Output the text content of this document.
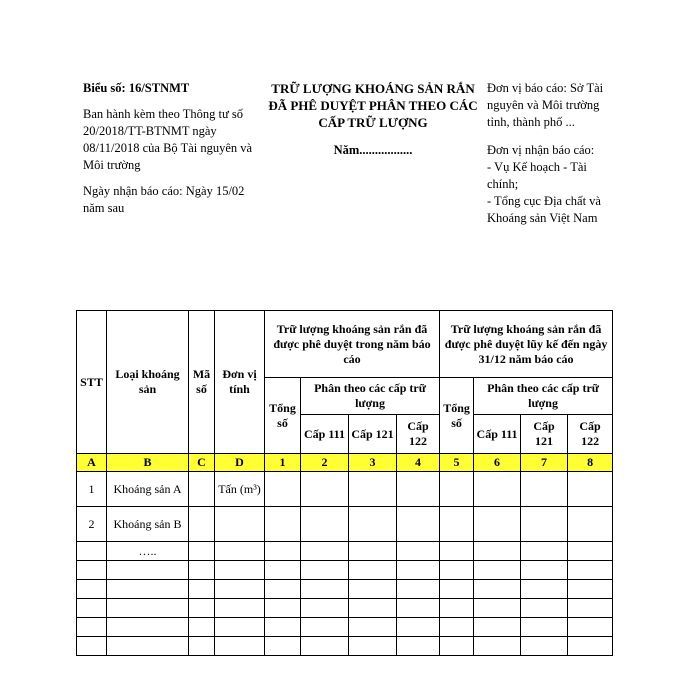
Biểu số: 16/STNMT
Ban hành kèm theo Thông tư số 20/2018/TT-BTNMT ngày 08/11/2018 của Bộ Tài nguyên và Môi trường
Ngày nhận báo cáo: Ngày 15/02 năm sau
TRỮ LƯỢNG KHOÁNG SẢN RẮN ĐÃ PHÊ DUYỆT PHÂN THEO CÁC CẤP TRỮ LƯỢNG
Năm.................
Đơn vị báo cáo: Sở Tài nguyên và Môi trường tỉnh, thành phố ...
Đơn vị nhận báo cáo:
- Vụ Kế hoạch - Tài chính;
- Tổng cục Địa chất và Khoáng sản Việt Nam
STT	Loại khoáng sản	Mã số	Đơn vị tính	Trữ lượng khoáng sản rắn đã được phê duyệt trong năm báo cáo				Trữ lượng khoáng sản rắn đã được phê duyệt lũy kế đến ngày 31/12 năm báo cáo			
				Tổng số	Phân theo các cấp trữ lượng			Tổng số	Phân theo các cấp trữ lượng		
					Cấp 111	Cấp 121	Cấp 122		Cấp 111	Cấp 121	Cấp 122
A	B	C	D	1	2	3	4	5	6	7	8
1	Khoáng sản A		Tấn (m³)								
2	Khoáng sản B										
	…..										
